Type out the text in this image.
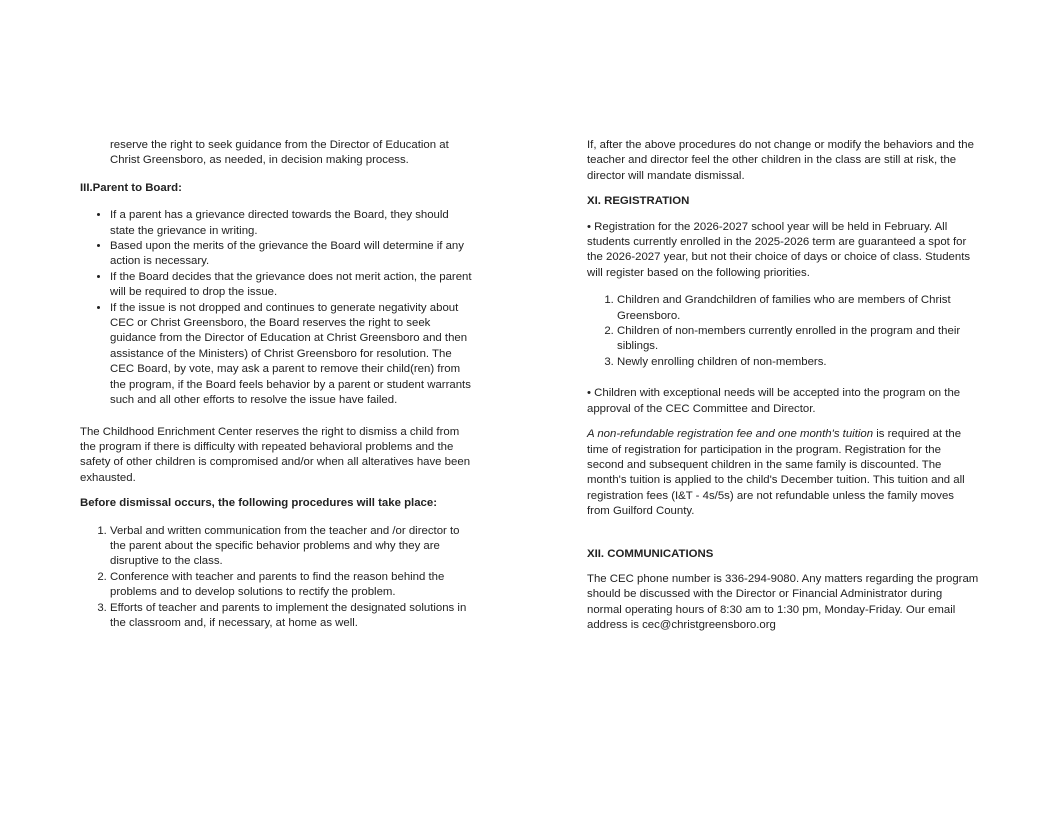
reserve the right to seek guidance from the Director of Education at Christ Greensboro, as needed, in decision making process.

III.Parent to Board:

• If a parent has a grievance directed towards the Board, they should state the grievance in writing.
• Based upon the merits of the grievance the Board will determine if any action is necessary.
• If the Board decides that the grievance does not merit action, the parent will be required to drop the issue.
• If the issue is not dropped and continues to generate negativity about CEC or Christ Greensboro, the Board reserves the right to seek guidance from the Director of Education at Christ Greensboro and then assistance of the Ministers) of Christ Greensboro for resolution. The CEC Board, by vote, may ask a parent to remove their child(ren) from the program, if the Board feels behavior by a parent or student warrants such and all other efforts to resolve the issue have failed.

The Childhood Enrichment Center reserves the right to dismiss a child from the program if there is difficulty with repeated behavioral problems and the safety of other children is compromised and/or when all alteratives have been exhausted.

Before dismissal occurs, the following procedures will take place:

1. Verbal and written communication from the teacher and /or director to the parent about the specific behavior problems and why they are disruptive to the class.
2. Conference with teacher and parents to find the reason behind the problems and to develop solutions to rectify the problem.
3. Efforts of teacher and parents to implement the designated solutions in the classroom and, if necessary, at home as well.

If, after the above procedures do not change or modify the behaviors and the teacher and director feel the other children in the class are still at risk, the director will mandate dismissal.

XI. REGISTRATION

• Registration for the 2026-2027 school year will be held in February. All students currently enrolled in the 2025-2026 term are guaranteed a spot for the 2026-2027 year, but not their choice of days or choice of class. Students will register based on the following priorities.

1. Children and Grandchildren of families who are members of Christ Greensboro.
2. Children of non-members currently enrolled in the program and their siblings.
3. Newly enrolling children of non-members.

• Children with exceptional needs will be accepted into the program on the approval of the CEC Committee and Director.

A non-refundable registration fee and one month's tuition is required at the time of registration for participation in the program. Registration for the second and subsequent children in the same family is discounted. The month's tuition is applied to the child's December tuition. This tuition and all registration fees (I&T - 4s/5s) are not refundable unless the family moves from Guilford County.

XII. COMMUNICATIONS

The CEC phone number is 336-294-9080. Any matters regarding the program should be discussed with the Director or Financial Administrator during normal operating hours of 8:30 am to 1:30 pm, Monday-Friday. Our email address is cec@christgreensboro.org
